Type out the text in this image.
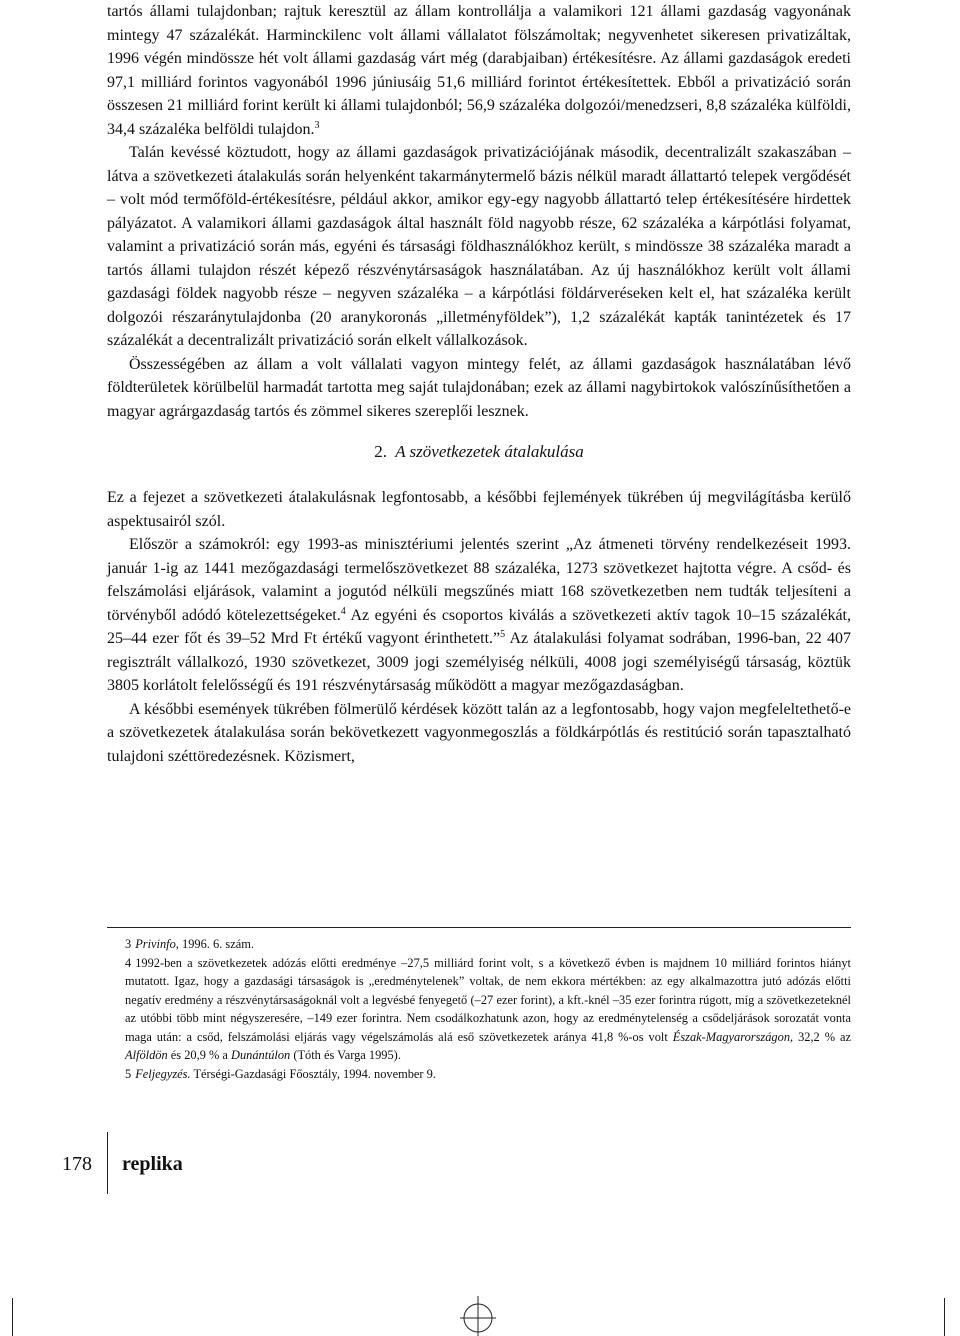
tartós állami tulajdonban; rajtuk keresztül az állam kontrollálja a valamikori 121 állami gazdaság vagyonának mintegy 47 százalékát. Harminckilenc volt állami vállalatot fölszámoltak; negyvenhetet sikeresen privatizáltak, 1996 végén mindössze hét volt állami gazdaság várt még (darabjaiban) értékesítésre. Az állami gazdaságok eredeti 97,1 milliárd forintos vagyonából 1996 júniusáig 51,6 milliárd forintot értékesítettek. Ebből a privatizáció során összesen 21 milliárd forint került ki állami tulajdonból; 56,9 százaléka dolgozói/menedzseri, 8,8 százaléka külföldi, 34,4 százaléka belföldi tulajdon.$^3$

Talán kevéssé köztudott, hogy az állami gazdaságok privatizációjának második, decentralizált szakaszában – látva a szövetkezeti átalakulás során helyenként takarmánytermelő bázis nélkül maradt állattartó telepek vergődését – volt mód termőföld-értékesítésre, például akkor, amikor egy-egy nagyobb állattartó telep értékesítésére hirdettek pályázatot. A valamikori állami gazdaságok által használt föld nagyobb része, 62 százaléka a kárpótlási folyamat, valamint a privatizáció során más, egyéni és társasági földhasználókhoz került, s mindössze 38 százaléka maradt a tartós állami tulajdon részét képező részvénytársaságok használatában. Az új használókhoz került volt állami gazdasági földek nagyobb része – negyven százaléka – a kárpótlási földárveréseken kelt el, hat százaléka került dolgozói részaránytulajdonba (20 aranykoronás „illetményföldek”), 1,2 százalékát kapták tanintézetek és 17 százalékát a decentralizált privatizáció során elkelt vállalkozások.

Összességében az állam a volt vállalati vagyon mintegy felét, az állami gazdaságok használatában lévő földterületek körülbelül harmadát tartotta meg saját tulajdonában; ezek az állami nagybirtokok valószínűsíthetően a magyar agrárgazdaság tartós és zömmel sikeres szereplői lesznek.

2. A szövetkezetek átalakulása

Ez a fejezet a szövetkezeti átalakulásnak legfontosabb, a későbbi fejlemények tükrében új megvilágításba kerülő aspektusairól szól.

Először a számokról: egy 1993-as minisztériumi jelentés szerint „Az átmeneti törvény rendelkezéseit 1993. január 1-ig az 1441 mezőgazdasági termelőszövetkezet 88 százaléka, 1273 szövetkezet hajtotta végre. A csőd- és felszámolási eljárások, valamint a jogutód nélküli megszűnés miatt 168 szövetkezetben nem tudták teljesíteni a törvényből adódó kötelezettségeket.$^4$ Az egyéni és csoportos kiválás a szövetkezeti aktív tagok 10–15 százalékát, 25–44 ezer főt és 39–52 Mrd Ft értékű vagyont érinthetett.”$^5$ Az átalakulási folyamat sodrában, 1996-ban, 22 407 regisztrált vállalkozó, 1930 szövetkezet, 3009 jogi személyiség nélküli, 4008 jogi személyiségű társaság, köztük 3805 korlátolt felelősségű és 191 részvénytársaság működött a magyar mezőgazdaságban.

A későbbi események tükrében fölmerülő kérdések között talán az a legfontosabb, hogy vajon megfeleltethető-e a szövetkezetek átalakulása során bekövetkezett vagyonmegoszlás a földkárpótlás és restitúció során tapasztalható tulajdoni széttöredezésnek. Közismert,

3 Privinfo, 1996. 6. szám.

4 1992-ben a szövetkezetek adózás előtti eredménye –27,5 milliárd forint volt, s a következő évben is majdnem 10 milliárd forintos hiányt mutatott. Igaz, hogy a gazdasági társaságok is „eredménytelenek” voltak, de nem ekkora mértékben: az egy alkalmazottra jutó adózás előtti negatív eredmény a részvénytársaságoknál volt a legvésbé fenyegető (–27 ezer forint), a kft.-knél –35 ezer forintra rúgott, míg a szövetkezeteknél az utóbbi több mint négyszeresére, –149 ezer forintra. Nem csodálkozhatunk azon, hogy az eredménytelenség a csődeljárások sorozatát vonta maga után: a csőd, felszámolási eljárás vagy végelszámolás alá eső szövetkezetek aránya 41,8 %-os volt Észak-Magyarországon, 32,2 % az Alföldön és 20,9 % a Dunántúlon (Tóth és Varga 1995).

5 Feljegyzés. Térségi-Gazdasági Főosztály, 1994. november 9.

178 replika
